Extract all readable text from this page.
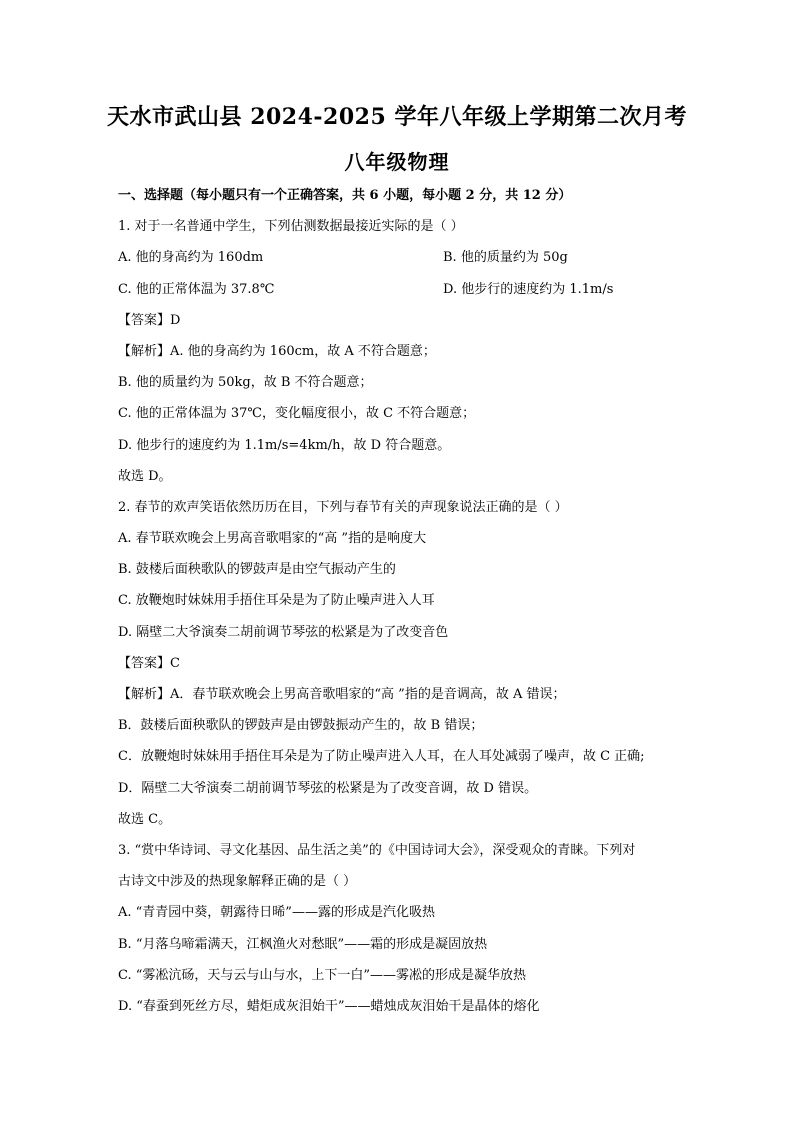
天水市武山县 2024-2025 学年八年级上学期第二次月考
八年级物理
一、选择题（每小题只有一个正确答案，共 6 小题，每小题 2 分，共 12 分）
1. 对于一名普通中学生，下列估测数据最接近实际的是（ ）
A. 他的身高约为 160dm	B. 他的质量约为 50g
C. 他的正常体温为 37.8℃	D. 他步行的速度约为 1.1m/s
【答案】D
【解析】A. 他的身高约为 160cm，故 A 不符合题意；
B. 他的质量约为 50kg，故 B 不符合题意；
C. 他的正常体温为 37℃，变化幅度很小，故 C 不符合题意；
D. 他步行的速度约为 1.1m/s=4km/h，故 D 符合题意。
故选 D。
2. 春节的欢声笑语依然历历在目，下列与春节有关的声现象说法正确的是（ ）
A. 春节联欢晚会上男高音歌唱家的“高 ”指的是响度大
B. 鼓楼后面秧歌队的锣鼓声是由空气振动产生的
C. 放鞭炮时妹妹用手捂住耳朵是为了防止噪声进入人耳
D. 隔壁二大爷演奏二胡前调节琴弦的松紧是为了改变音色
【答案】C
【解析】A．春节联欢晚会上男高音歌唱家的“高 ”指的是音调高，故 A 错误；
B．鼓楼后面秧歌队的锣鼓声是由锣鼓振动产生的，故 B 错误；
C．放鞭炮时妹妹用手捂住耳朵是为了防止噪声进入人耳，在人耳处减弱了噪声，故 C 正确;
D．隔壁二大爷演奏二胡前调节琴弦的松紧是为了改变音调，故 D 错误。
故选 C。
3. “赏中华诗词、寻文化基因、品生活之美”的《中国诗词大会》，深受观众的青睐。下列对
古诗文中涉及的热现象解释正确的是（ ）
A. “青青园中葵，朝露待日晞”——露的形成是汽化吸热
B. “月落乌啼霜满天，江枫渔火对愁眠”——霜的形成是凝固放热
C. “雾凇沆砀，天与云与山与水，上下一白”——雾凇的形成是凝华放热
D. “春蚕到死丝方尽，蜡炬成灰泪始干”——蜡烛成灰泪始干是晶体的熔化
